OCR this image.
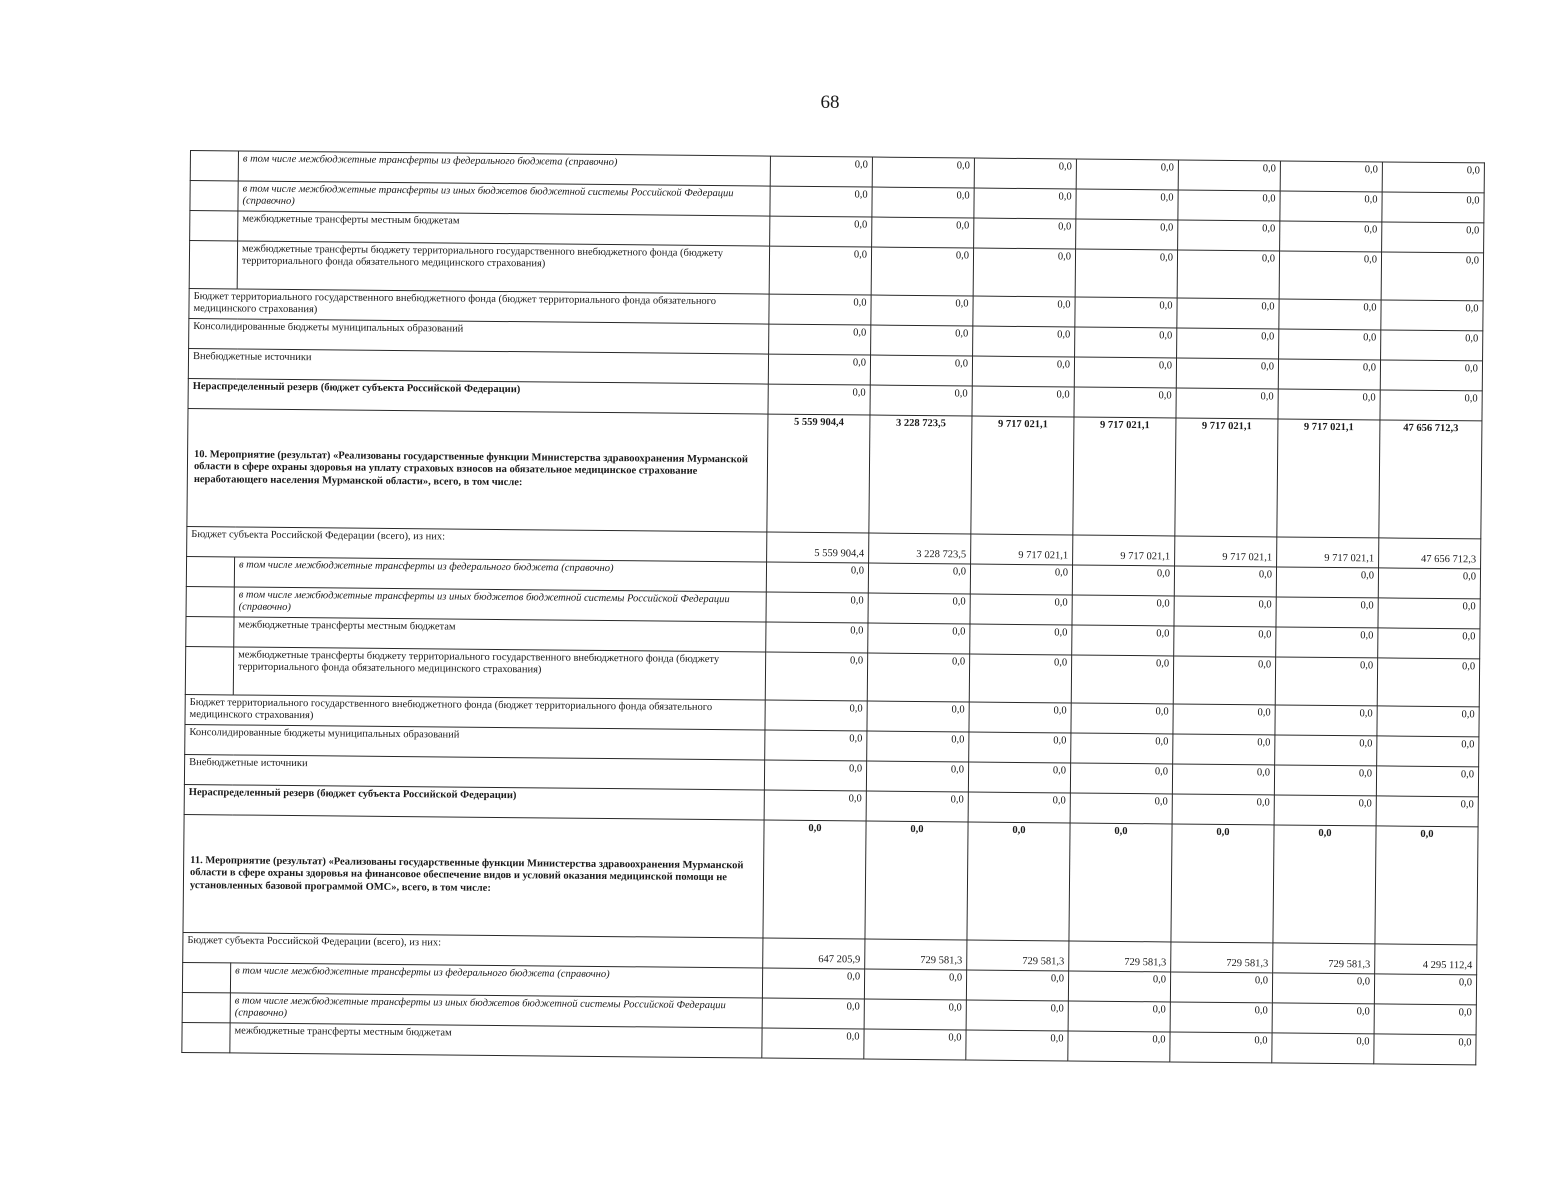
68
	в том числе межбюджетные трансферты из федерального бюджета (справочно)	0,0	0,0	0,0	0,0	0,0	0,0	0,0
	в том числе межбюджетные трансферты из иных бюджетов бюджетной системы Российской Федерации (справочно)	0,0	0,0	0,0	0,0	0,0	0,0	0,0
	межбюджетные трансферты местным бюджетам	0,0	0,0	0,0	0,0	0,0	0,0	0,0
	межбюджетные трансферты бюджету территориального государственного внебюджетного фонда (бюджету территориального фонда обязательного медицинского страхования)	0,0	0,0	0,0	0,0	0,0	0,0	0,0
Бюджет территориального государственного внебюджетного фонда (бюджет территориального фонда обязательного медицинского страхования)		0,0	0,0	0,0	0,0	0,0	0,0	0,0
Консолидированные бюджеты муниципальных образований		0,0	0,0	0,0	0,0	0,0	0,0	0,0
Внебюджетные источники		0,0	0,0	0,0	0,0	0,0	0,0	0,0
Нераспределенный резерв (бюджет субъекта Российской Федерации)		0,0	0,0	0,0	0,0	0,0	0,0	0,0
10. Мероприятие (результат) «Реализованы государственные функции Министерства здравоохранения Мурманской области в сфере охраны здоровья на уплату страховых взносов на обязательное медицинское страхование неработающего населения Мурманской области», всего, в том числе:		5 559 904,4	3 228 723,5	9 717 021,1	9 717 021,1	9 717 021,1	9 717 021,1	47 656 712,3
Бюджет субъекта Российской Федерации (всего), из них:		5 559 904,4	3 228 723,5	9 717 021,1	9 717 021,1	9 717 021,1	9 717 021,1	47 656 712,3
	в том числе межбюджетные трансферты из федерального бюджета (справочно)	0,0	0,0	0,0	0,0	0,0	0,0	0,0
	в том числе межбюджетные трансферты из иных бюджетов бюджетной системы Российской Федерации (справочно)	0,0	0,0	0,0	0,0	0,0	0,0	0,0
	межбюджетные трансферты местным бюджетам	0,0	0,0	0,0	0,0	0,0	0,0	0,0
	межбюджетные трансферты бюджету территориального государственного внебюджетного фонда (бюджету территориального фонда обязательного медицинского страхования)	0,0	0,0	0,0	0,0	0,0	0,0	0,0
Бюджет территориального государственного внебюджетного фонда (бюджет территориального фонда обязательного медицинского страхования)		0,0	0,0	0,0	0,0	0,0	0,0	0,0
Консолидированные бюджеты муниципальных образований		0,0	0,0	0,0	0,0	0,0	0,0	0,0
Внебюджетные источники		0,0	0,0	0,0	0,0	0,0	0,0	0,0
Нераспределенный резерв (бюджет субъекта Российской Федерации)		0,0	0,0	0,0	0,0	0,0	0,0	0,0
11. Мероприятие (результат) «Реализованы государственные функции Министерства здравоохранения Мурманской области в сфере охраны здоровья на финансовое обеспечение видов и условий оказания медицинской помощи не установленных базовой программой ОМС», всего, в том числе:		0,0	0,0	0,0	0,0	0,0	0,0	0,0
Бюджет субъекта Российской Федерации (всего), из них:		647 205,9	729 581,3	729 581,3	729 581,3	729 581,3	729 581,3	4 295 112,4
	в том числе межбюджетные трансферты из федерального бюджета (справочно)	0,0	0,0	0,0	0,0	0,0	0,0	0,0
	в том числе межбюджетные трансферты из иных бюджетов бюджетной системы Российской Федерации (справочно)	0,0	0,0	0,0	0,0	0,0	0,0	0,0
	межбюджетные трансферты местным бюджетам	0,0	0,0	0,0	0,0	0,0	0,0	0,0
